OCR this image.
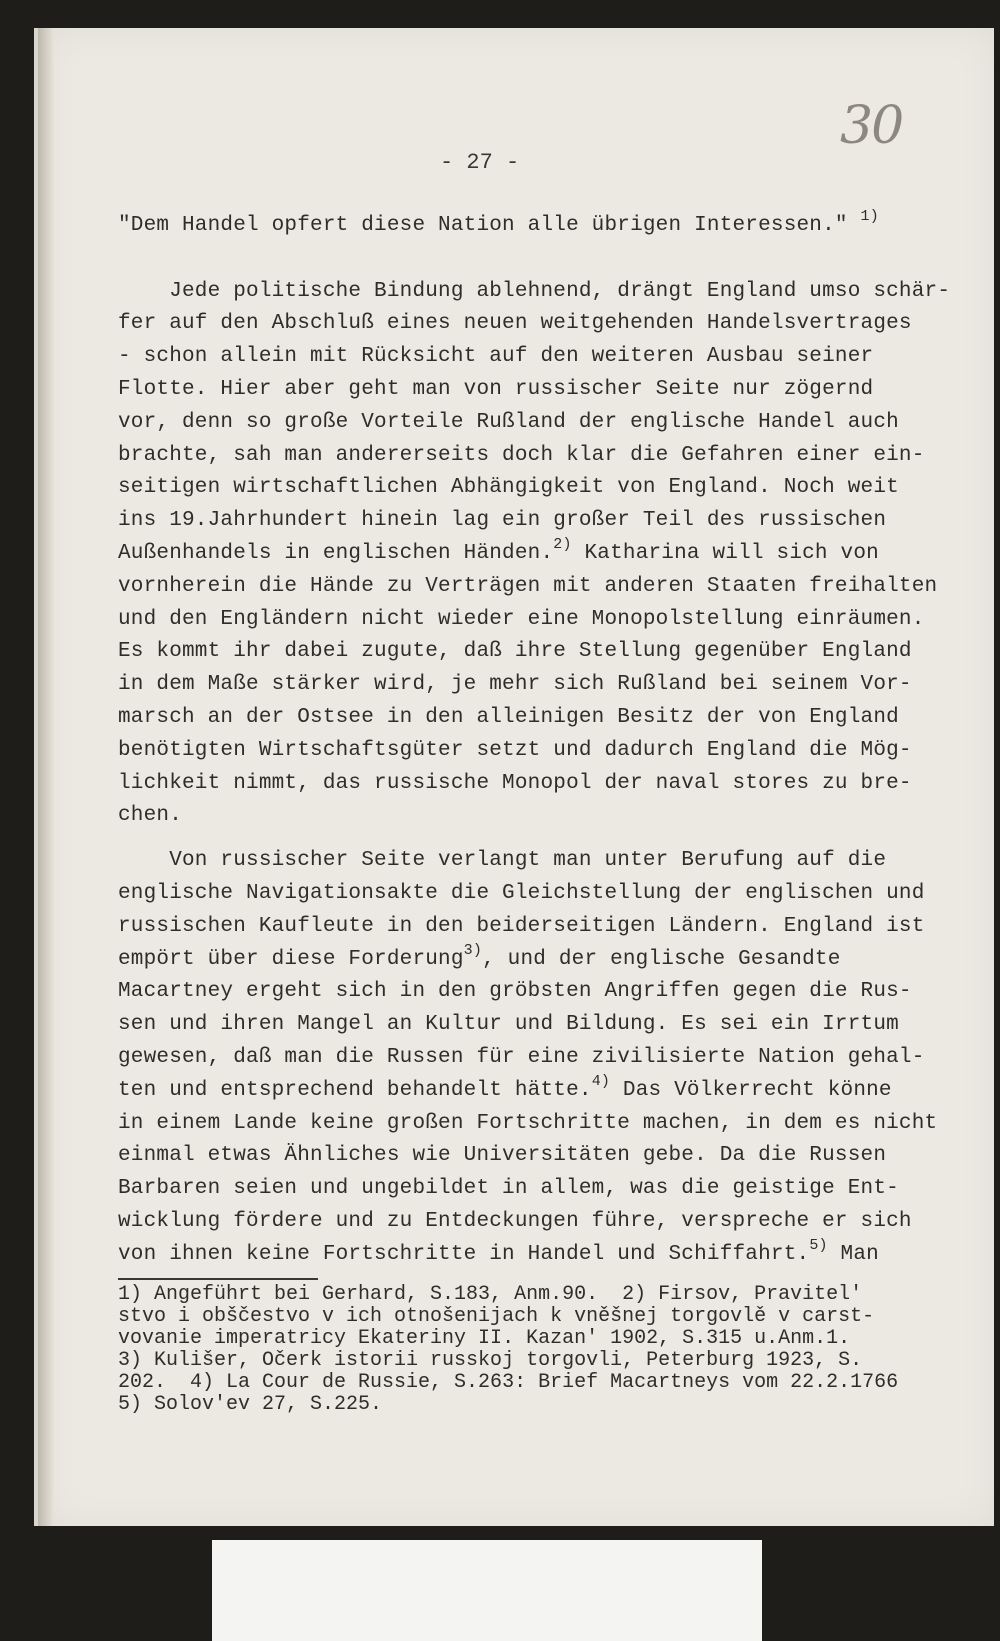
30
- 27 -
"Dem Handel opfert diese Nation alle übrigen Interessen." $^{1)}$
Jede politische Bindung ablehnend, drängt England umso schär-
fer auf den Abschluß eines neuen weitgehenden Handelsvertrages
- schon allein mit Rücksicht auf den weiteren Ausbau seiner
Flotte. Hier aber geht man von russischer Seite nur zögernd
vor, denn so große Vorteile Rußland der englische Handel auch
brachte, sah man andererseits doch klar die Gefahren einer ein-
seitigen wirtschaftlichen Abhängigkeit von England. Noch weit
ins 19.Jahrhundert hinein lag ein großer Teil des russischen
Außenhandels in englischen Händen.$^{2)}$ Katharina will sich von
vornherein die Hände zu Verträgen mit anderen Staaten freihalten
und den Engländern nicht wieder eine Monopolstellung einräumen.
Es kommt ihr dabei zugute, daß ihre Stellung gegenüber England
in dem Maße stärker wird, je mehr sich Rußland bei seinem Vor-
marsch an der Ostsee in den alleinigen Besitz der von England
benötigten Wirtschaftsgüter setzt und dadurch England die Mög-
lichkeit nimmt, das russische Monopol der naval stores zu bre-
chen.
Von russischer Seite verlangt man unter Berufung auf die
englische Navigationsakte die Gleichstellung der englischen und
russischen Kaufleute in den beiderseitigen Ländern. England ist
empört über diese Forderung$^{3)}$, und der englische Gesandte
Macartney ergeht sich in den gröbsten Angriffen gegen die Rus-
sen und ihren Mangel an Kultur und Bildung. Es sei ein Irrtum
gewesen, daß man die Russen für eine zivilisierte Nation gehal-
ten und entsprechend behandelt hätte.$^{4)}$ Das Völkerrecht könne
in einem Lande keine großen Fortschritte machen, in dem es nicht
einmal etwas Ähnliches wie Universitäten gebe. Da die Russen
Barbaren seien und ungebildet in allem, was die geistige Ent-
wicklung fördere und zu Entdeckungen führe, verspreche er sich
von ihnen keine Fortschritte in Handel und Schiffahrt.$^{5)}$ Man
1) Angeführt bei Gerhard, S.183, Anm.90.  2) Firsov, Pravitel'
stvo i obščestvo v ich otnošenijach k vněšnej torgovlě v carst-
vovanie imperatricy Ekateriny II. Kazan' 1902, S.315 u.Anm.1.
3) Kulišer, Očerk istorii russkoj torgovli, Peterburg 1923, S.
202.  4) La Cour de Russie, S.263: Brief Macartneys vom 22.2.1766
5) Solov'ev 27, S.225.
